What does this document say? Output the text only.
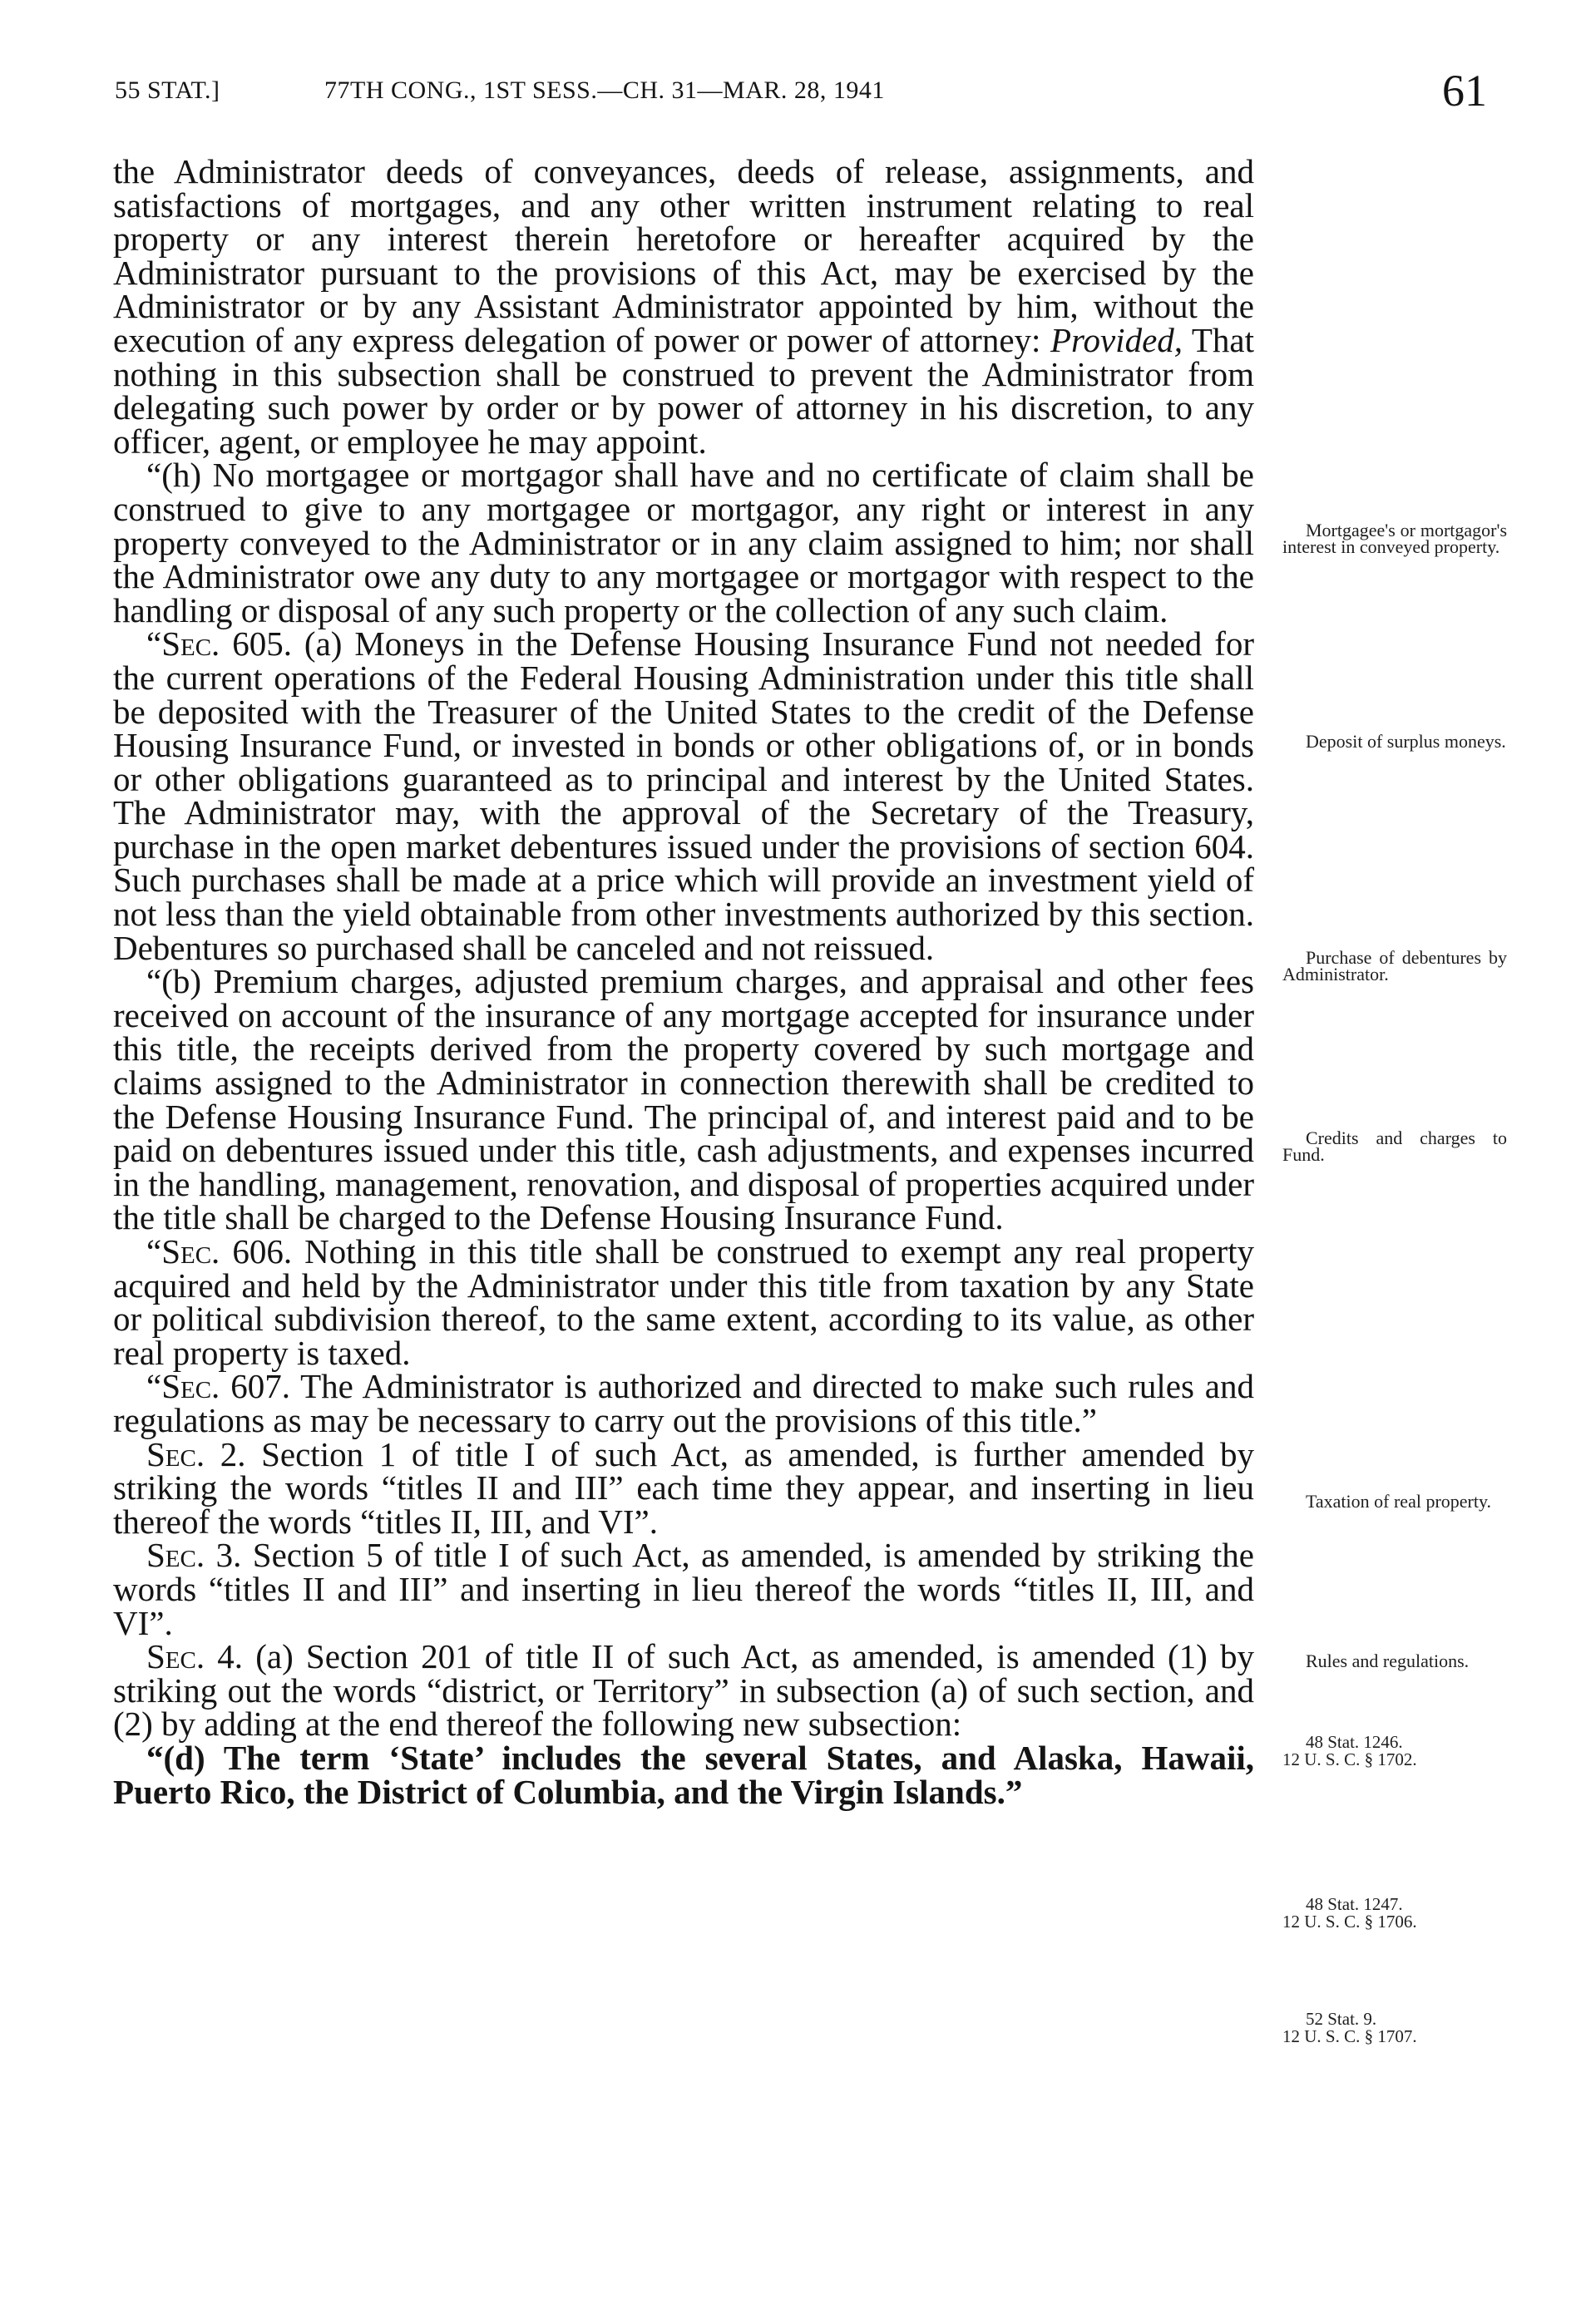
55 STAT.]	77TH CONG., 1ST SESS.—CH. 31—MAR. 28, 1941	61

the Administrator deeds of conveyances, deeds of release, assignments, and satisfactions of mortgages, and any other written instrument relating to real property or any interest therein heretofore or hereafter acquired by the Administrator pursuant to the provisions of this Act, may be exercised by the Administrator or by any Assistant Administrator appointed by him, without the execution of any express delegation of power or power of attorney: Provided, That nothing in this subsection shall be construed to prevent the Administrator from delegating such power by order or by power of attorney in his discretion, to any officer, agent, or employee he may appoint.

“(h) No mortgagee or mortgagor shall have and no certificate of claim shall be construed to give to any mortgagee or mortgagor, any right or interest in any property conveyed to the Administrator or in any claim assigned to him; nor shall the Administrator owe any duty to any mortgagee or mortgagor with respect to the handling or disposal of any such property or the collection of any such claim.

“Sec. 605. (a) Moneys in the Defense Housing Insurance Fund not needed for the current operations of the Federal Housing Administration under this title shall be deposited with the Treasurer of the United States to the credit of the Defense Housing Insurance Fund, or invested in bonds or other obligations of, or in bonds or other obligations guaranteed as to principal and interest by the United States. The Administrator may, with the approval of the Secretary of the Treasury, purchase in the open market debentures issued under the provisions of section 604. Such purchases shall be made at a price which will provide an investment yield of not less than the yield obtainable from other investments authorized by this section. Debentures so purchased shall be canceled and not reissued.

“(b) Premium charges, adjusted premium charges, and appraisal and other fees received on account of the insurance of any mortgage accepted for insurance under this title, the receipts derived from the property covered by such mortgage and claims assigned to the Administrator in connection therewith shall be credited to the Defense Housing Insurance Fund. The principal of, and interest paid and to be paid on debentures issued under this title, cash adjustments, and expenses incurred in the handling, management, renovation, and disposal of properties acquired under the title shall be charged to the Defense Housing Insurance Fund.

“Sec. 606. Nothing in this title shall be construed to exempt any real property acquired and held by the Administrator under this title from taxation by any State or political subdivision thereof, to the same extent, according to its value, as other real property is taxed.

“Sec. 607. The Administrator is authorized and directed to make such rules and regulations as may be necessary to carry out the provisions of this title.”

Sec. 2. Section 1 of title I of such Act, as amended, is further amended by striking the words “titles II and III” each time they appear, and inserting in lieu thereof the words “titles II, III, and VI”.

Sec. 3. Section 5 of title I of such Act, as amended, is amended by striking the words “titles II and III” and inserting in lieu thereof the words “titles II, III, and VI”.

Sec. 4. (a) Section 201 of title II of such Act, as amended, is amended (1) by striking out the words “district, or Territory” in subsection (a) of such section, and (2) by adding at the end thereof the following new subsection:

“(d) The term ‘State’ includes the several States, and Alaska, Hawaii, Puerto Rico, the District of Columbia, and the Virgin Islands.”

Mortgagee's or mortgagor's interest in conveyed property.
Deposit of surplus moneys.
Purchase of debentures by Administrator.
Credits and charges to Fund.
Taxation of real property.
Rules and regulations.
48 Stat. 1246.
12 U. S. C. § 1702.
48 Stat. 1247.
12 U. S. C. § 1706.
52 Stat. 9.
12 U. S. C. § 1707.
